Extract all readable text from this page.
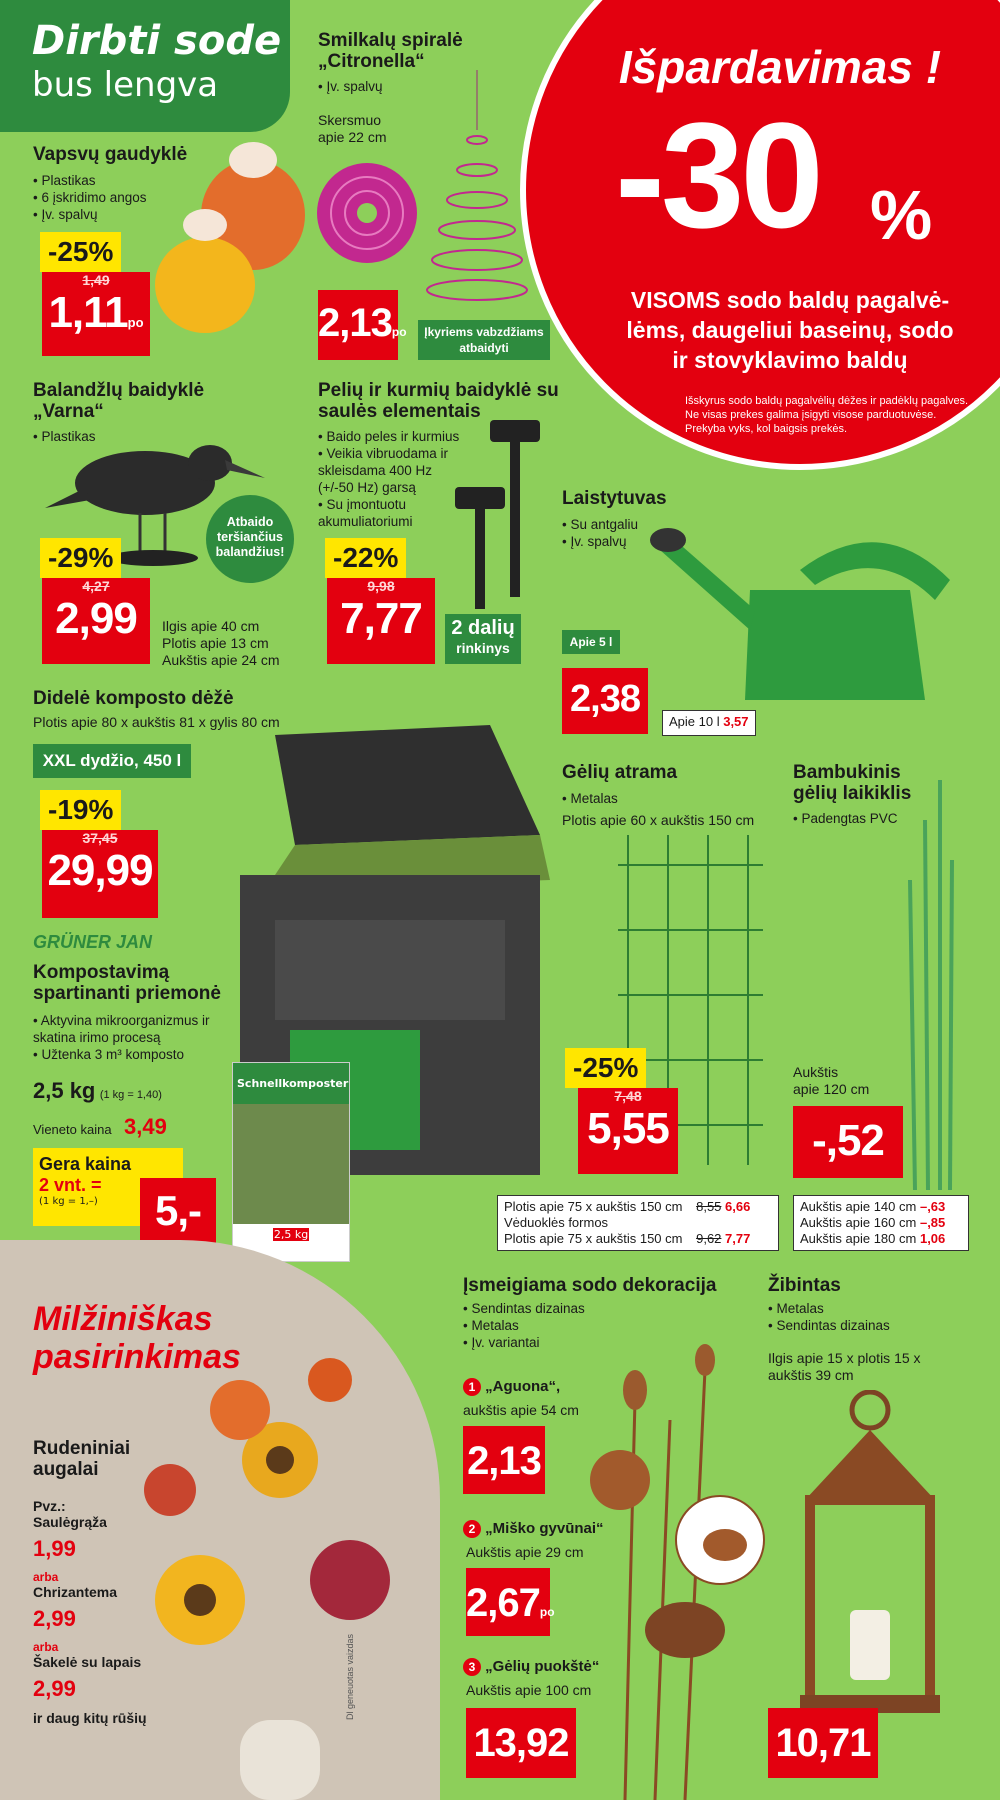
Dirbti sode
bus lengva	Išpardavimas !
-30 %
VISOMS sodo baldų pagalvė-
lėms, daugeliui baseinų, sodo
ir stovyklavimo baldų
Išskyrus sodo baldų pagalvėlių dėžes ir padėklų pagalves. Ne visas prekes galima įsigyti visose parduotuvėse. Prekyba vyks, kol baigsis prekės.
Vapsvų gaudyklė
• Plastikas
• 6 įskridimo angos
• Įv. spalvų
-25%
1,49
1,11po
Smilkalų spiralė
„Citronella“
• Įv. spalvų
Skersmuo
apie 22 cm
2,13po	Įkyriems vabzdžiams atbaidyti
Balandžlų baidyklė
„Varna“
• Plastikas
Atbaido teršiančius balandžius!
-29%
4,27
2,99	Ilgis apie 40 cm
Plotis apie 13 cm
Aukštis apie 24 cm
Pelių ir kurmių baidyklė su
saulės elementais
• Baido peles ir kurmius
• Veikia vibruodama ir skleisdama 400 Hz (+/-50 Hz) garsą
• Su įmontuotu akumuliatoriumi
-22%
9,98
7,77	2 dalių
rinkinys
Laistytuvas
• Su antgaliu
• Įv. spalvų
Apie 5 l
2,38
Apie 10 l 3,57
Didelė komposto dėžė
Plotis apie 80 x aukštis 81 x gylis 80 cm
XXL dydžio, 450 l
-19%
37,45
29,99
GRÜNER JAN
Kompostavimą
spartinanti priemonė
• Aktyvina mikroorganizmus ir skatina irimo procesą
• Užtenka 3 m³ komposto
2,5 kg (1 kg = 1,40)
Vieneto kaina 3,49
Gera kaina
2 vnt. =
(1 kg = 1,–)	5,-
Schnellkomposter
2,5 kg
Gėlių atrama
• Metalas
Plotis apie 60 x aukštis 150 cm
-25%
7,48
5,55
Plotis apie 75 x aukštis 150 cm 8,55 6,66
Vėduoklės formos
Plotis apie 75 x aukštis 150 cm 9,62 7,77
Bambukinis
gėlių laikiklis
• Padengtas PVC
Aukštis
apie 120 cm
-,52
Aukštis apie 140 cm –,63
Aukštis apie 160 cm –,85
Aukštis apie 180 cm 1,06
Milžiniškas
pasirinkimas
Rudeniniai
augalai
Pvz.:
Saulėgrąža
1,99
arba
Chrizantema
2,99
arba
Šakelė su lapais
2,99
ir daug kitų rūšių	Dl geneuotas vaizdas
Įsmeigiama sodo dekoracija
• Sendintas dizainas
• Metalas
• Įv. variantai
1 „Aguona“,
aukštis apie 54 cm
2,13
2 „Miško gyvūnai“
Aukštis apie 29 cm
2,67po
3 „Gėlių puokštė“
Aukštis apie 100 cm
13,92
Žibintas
• Metalas
• Sendintas dizainas
Ilgis apie 15 x plotis 15 x
aukštis 39 cm
10,71
